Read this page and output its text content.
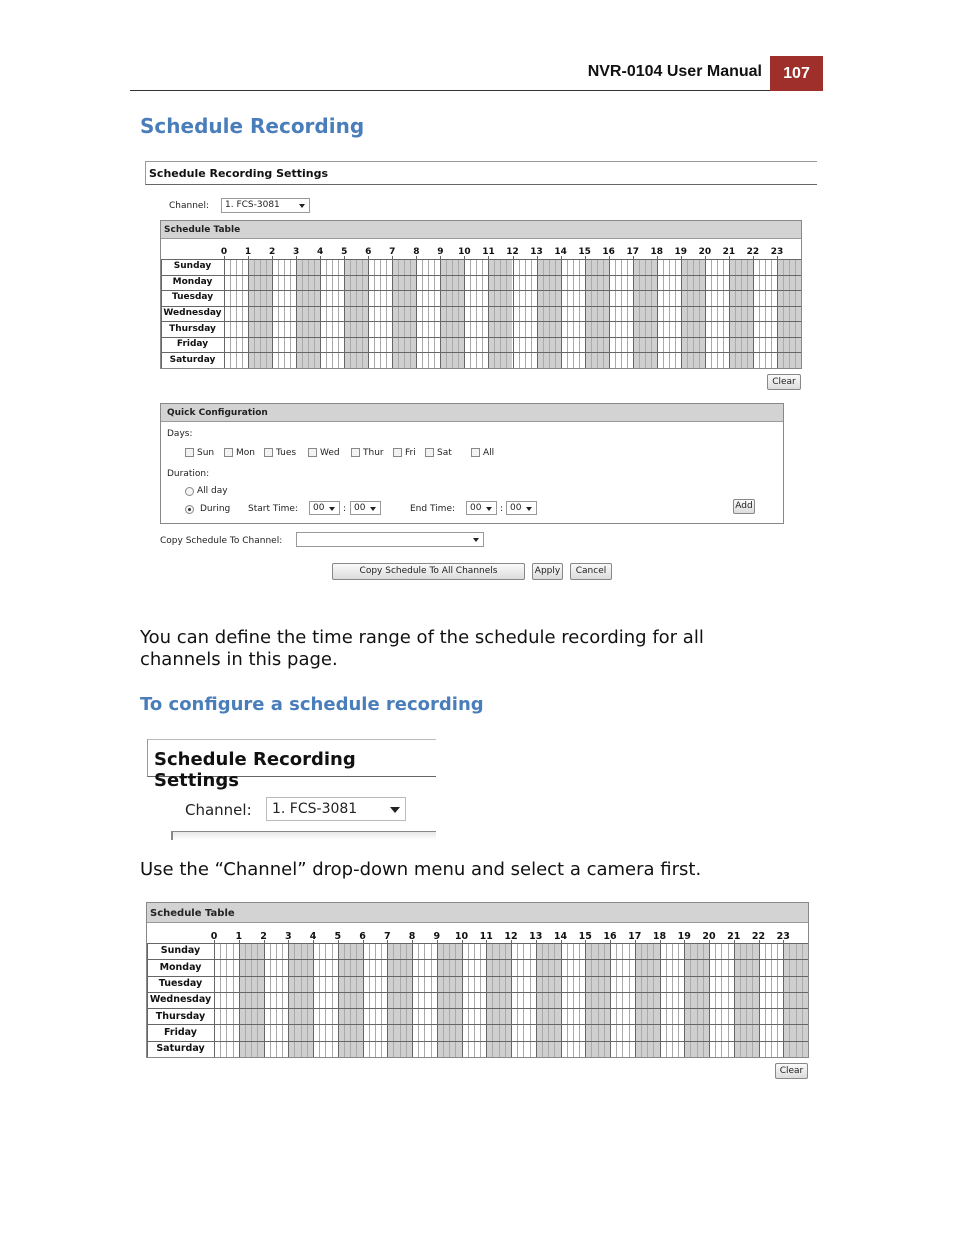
NVR-0104 User Manual	107
Schedule Recording
Schedule Recording Settings
Channel:	1. FCS-3081
Schedule Table
0	1	2	3	4	5	6	7	8	9	10	11	12	13	14	15	16	17	18	19	20	21	22	23
Sunday
Monday
Tuesday
Wednesday
Thursday
Friday
Saturday
Clear
Quick Configuration
Days:
Sun Mon Tues	Wed	Thur Fri Sat	All
Duration:
All day
During Start Time:	00	: 00	End Time:	00	: 00	Add
Copy Schedule To Channel:
Copy Schedule To All Channels	Apply	Cancel
You can define the time range of the schedule recording for all channels in this page.
To configure a schedule recording
Schedule Recording Settings
Channel:	1. FCS-3081
Use the “Channel” drop-down menu and select a camera first.
Schedule Table
0	1	2	3	4	5	6	7	8	9	10	11	12	13	14	15	16	17	18	19	20	21	22	23
Sunday
Monday
Tuesday
Wednesday
Thursday
Friday
Saturday
Clear
